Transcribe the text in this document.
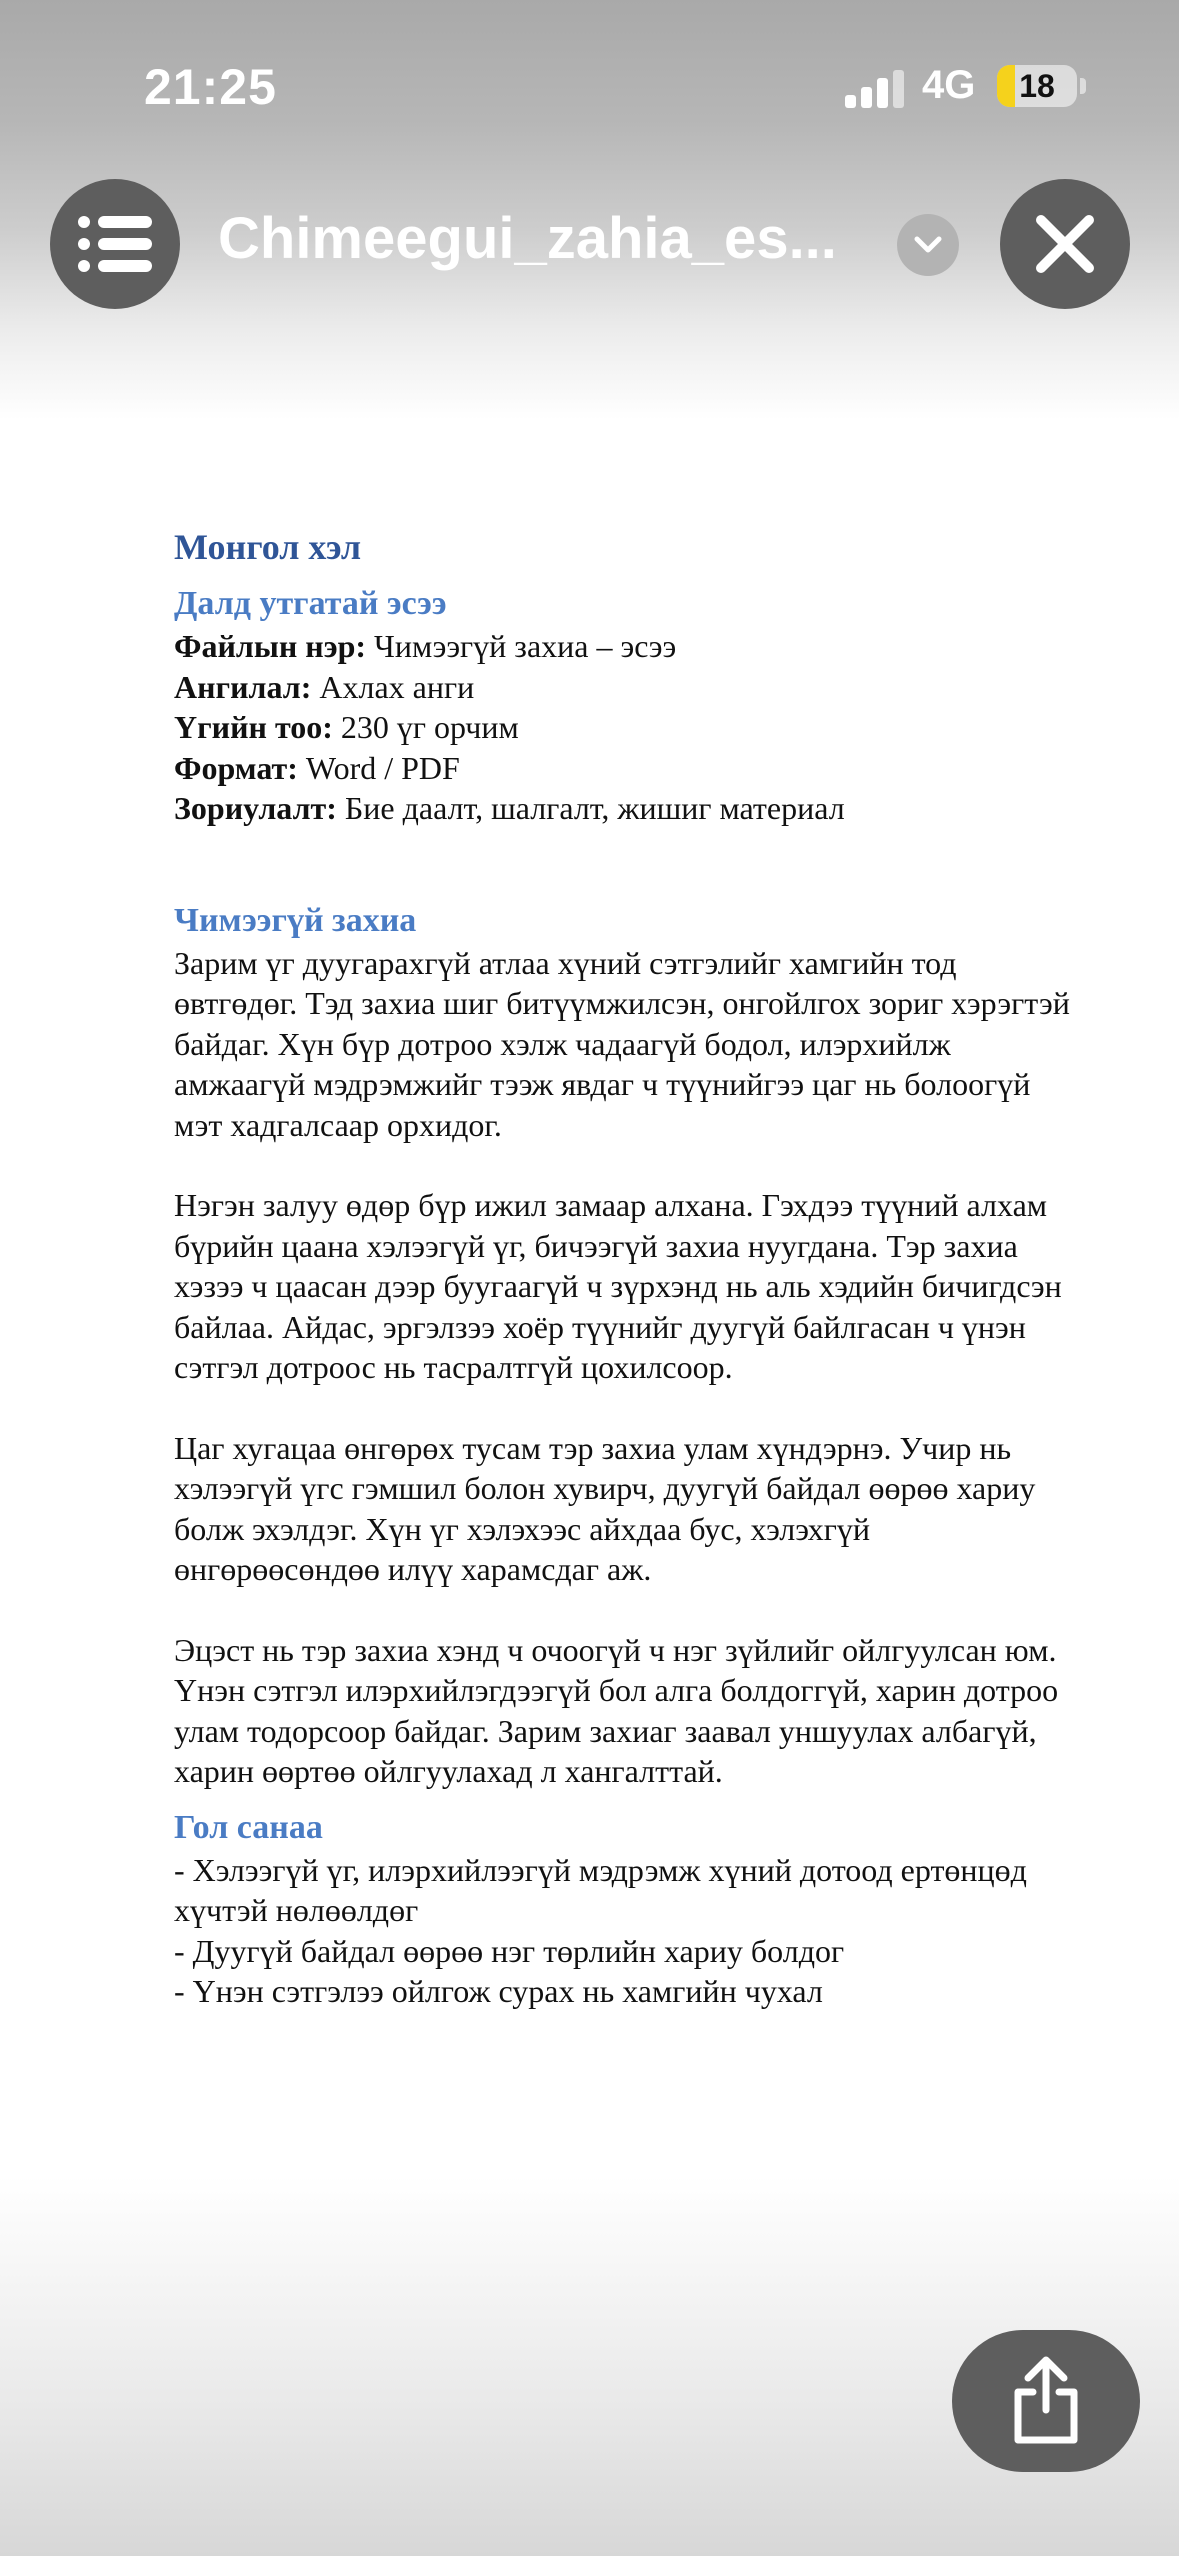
21:25	4G	18
Chimeegui_zahia_es...
Монгол хэл
Далд утгатай эсээ
Файлын нэр: Чимээгүй захиа – эсээ
Ангилал: Ахлах анги
Үгийн тоо: 230 үг орчим
Формат: Word / PDF
Зориулалт: Бие даалт, шалгалт, жишиг материал
Чимээгүй захиа
Зарим үг дуугарахгүй атлаа хүний сэтгэлийг хамгийн тод өвтгөдөг. Тэд захиа шиг битүүмжилсэн, онгойлгох зориг хэрэгтэй байдаг. Хүн бүр дотроо хэлж чадаагүй бодол, илэрхийлж амжаагүй мэдрэмжийг тээж явдаг ч түүнийгээ цаг нь болоогүй мэт хадгалсаар орхидог.
Нэгэн залуу өдөр бүр ижил замаар алхана. Гэхдээ түүний алхам бүрийн цаана хэлээгүй үг, бичээгүй захиа нуугдана. Тэр захиа хэзээ ч цаасан дээр буугаагүй ч зүрхэнд нь аль хэдийн бичигдсэн байлаа. Айдас, эргэлзээ хоёр түүнийг дуугүй байлгасан ч үнэн сэтгэл дотроос нь тасралтгүй цохилсоор.
Цаг хугацаа өнгөрөх тусам тэр захиа улам хүндэрнэ. Учир нь хэлээгүй үгс гэмшил болон хувирч, дуугүй байдал өөрөө хариу болж эхэлдэг. Хүн үг хэлэхээс айхдаа бус, хэлэхгүй өнгөрөөсөндөө илүү харамсдаг аж.
Эцэст нь тэр захиа хэнд ч очоогүй ч нэг зүйлийг ойлгуулсан юм. Үнэн сэтгэл илэрхийлэгдээгүй бол алга болдоггүй, харин дотроо улам тодорсоор байдаг. Зарим захиаг заавал уншуулах албагүй, харин өөртөө ойлгуулахад л хангалттай.
Гол санаа
- Хэлээгүй үг, илэрхийлээгүй мэдрэмж хүний дотоод ертөнцөд хүчтэй нөлөөлдөг
- Дуугүй байдал өөрөө нэг төрлийн хариу болдог
- Үнэн сэтгэлээ ойлгож сурах нь хамгийн чухал
